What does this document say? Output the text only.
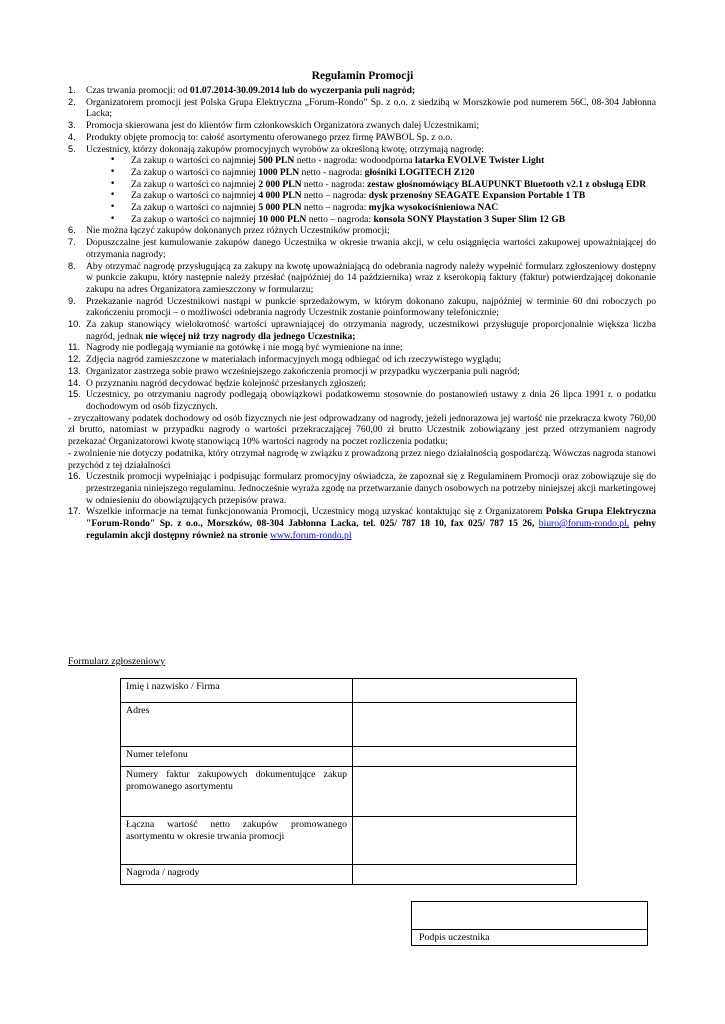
Regulamin Promocji
1. Czas trwania promocji: od 01.07.2014-30.09.2014 lub do wyczerpania puli nagród;
2. Organizatorem promocji jest Polska Grupa Elektryczna „Forum-Rondo” Sp. z o.o. z siedzibą w Morszkowie pod numerem 56C, 08-304 Jabłonna Lacka;
3. Promocja skierowana jest do klientów firm członkowskich Organizatora zwanych dalej Uczestnikami;
4. Produkty objęte promocją to: całość asortymentu oferowanego przez firmę PAWBOL Sp. z o.o.
5. Uczestnicy, którzy dokonają zakupów promocyjnych wyrobów za określoną kwotę, otrzymają nagrodę:
• Za zakup o wartości co najmniej 500 PLN netto - nagroda: wodoodporna latarka EVOLVE Twister Light
• Za zakup o wartości co najmniej 1000 PLN netto - nagroda: głośniki LOGITECH Z120
• Za zakup o wartości co najmniej 2 000 PLN netto - nagroda: zestaw głośnomówiący BLAUPUNKT Bluetooth v2.1 z obsługą EDR
• Za zakup o wartości co najmniej 4 000 PLN netto – nagroda: dysk przenośny SEAGATE Expansion Portable 1 TB
• Za zakup o wartości co najmniej 5 000 PLN netto – nagroda: myjka wysokociśnieniowa NAC
• Za zakup o wartości co najmniej 10 000 PLN netto – nagroda: konsola SONY Playstation 3 Super Slim 12 GB
6. Nie można łączyć zakupów dokonanych przez różnych Uczestników promocji;
7. Dopuszczalne jest kumulowanie zakupów danego Uczestnika w okresie trwania akcji, w celu osiągnięcia wartości zakupowej upoważniającej do otrzymania nagrody;
8. Aby otrzymać nagrodę przysługującą za zakupy na kwotę upoważniającą do odebrania nagrody należy wypełnić formularz zgłoszeniowy dostępny w punkcie zakupu, który następnie należy przesłać (najpóźniej do 14 października) wraz z kserokopią faktury (faktur) potwierdzającej dokonanie zakupu na adres Organizatora zamieszczony w formularzu;
9. Przekazanie nagród Uczestnikowi nastąpi w punkcie sprzedażowym, w którym dokonano zakupu, najpóźniej w terminie 60 dni roboczych po zakończeniu promocji – o możliwości odebrania nagrody Uczestnik zostanie poinformowany telefonicznie;
10. Za zakup stanowiący wielokrotność wartości uprawniającej do otrzymania nagrody, uczestnikowi przysługuje proporcjonalnie większa liczba nagród, jednak nie więcej niż trzy nagrody dla jednego Uczestnika;
11. Nagrody nie podlegają wymianie na gotówkę i nie mogą być wymienione na inne;
12. Zdjęcia nagród zamieszczone w materiałach informacyjnych mogą odbiegać od ich rzeczywistego wyglądu;
13. Organizator zastrzega sobie prawo wcześniejszego zakończenia promocji w przypadku wyczerpania puli nagród;
14. O przyznaniu nagród decydować będzie kolejność przesłanych zgłoszeń;
15. Uczestnicy, po otrzymaniu nagrody podlegają obowiązkowi podatkowemu stosownie do postanowień ustawy z dnia 26 lipca 1991 r. o podatku dochodowym od osób fizycznych.
- zryczałtowany podatek dochodowy od osób fizycznych nie jest odprowadzany od nagrody, jeżeli jednorazowa jej wartość nie przekracza kwoty 760,00 zł brutto, natomiast w przypadku nagrody o wartości przekraczającej 760,00 zł brutto Uczestnik zobowiązany jest przed otrzymaniem nagrody przekazać Organizatorowi kwotę stanowiącą 10% wartości nagrody na poczet rozliczenia podatku;
- zwolnienie nie dotyczy podatnika, który otrzymał nagrodę w związku z prowadzoną przez niego działalnością gospodarczą. Wówczas nagroda stanowi przychód z tej działalności
16. Uczestnik promocji wypełniając i podpisując formularz promocyjny oświadcza, że zapoznał się z Regulaminem Promocji oraz zobowiązuje się do przestrzegania niniejszego regulaminu. Jednocześnie wyraża zgodę na przetwarzanie danych osobowych na potrzeby niniejszej akcji marketingowej w odniesieniu do obowiązujących przepisów prawa.
17. Wszelkie informacje na temat funkcjonowania Promocji, Uczestnicy mogą uzyskać kontaktując się z Organizatorem Polska Grupa Elektryczna "Forum-Rondo" Sp. z o.o., Morszków, 08-304 Jabłonna Lacka, tel. 025/ 787 18 10, fax 025/ 787 15 26, biuro@forum-rondo.pl, pełny regulamin akcji dostępny również na stronie www.forum-rondo.pl
Formularz zgłoszeniowy
Imię i nazwisko / Firma	
Adres	
Numer telefonu	
Numery faktur zakupowych dokumentujące zakup promowanego asortymentu	
Łączna wartość netto zakupów promowanego asortymentu w okresie trwania promocji	
Nagroda / nagrody	

Podpis uczestnika
